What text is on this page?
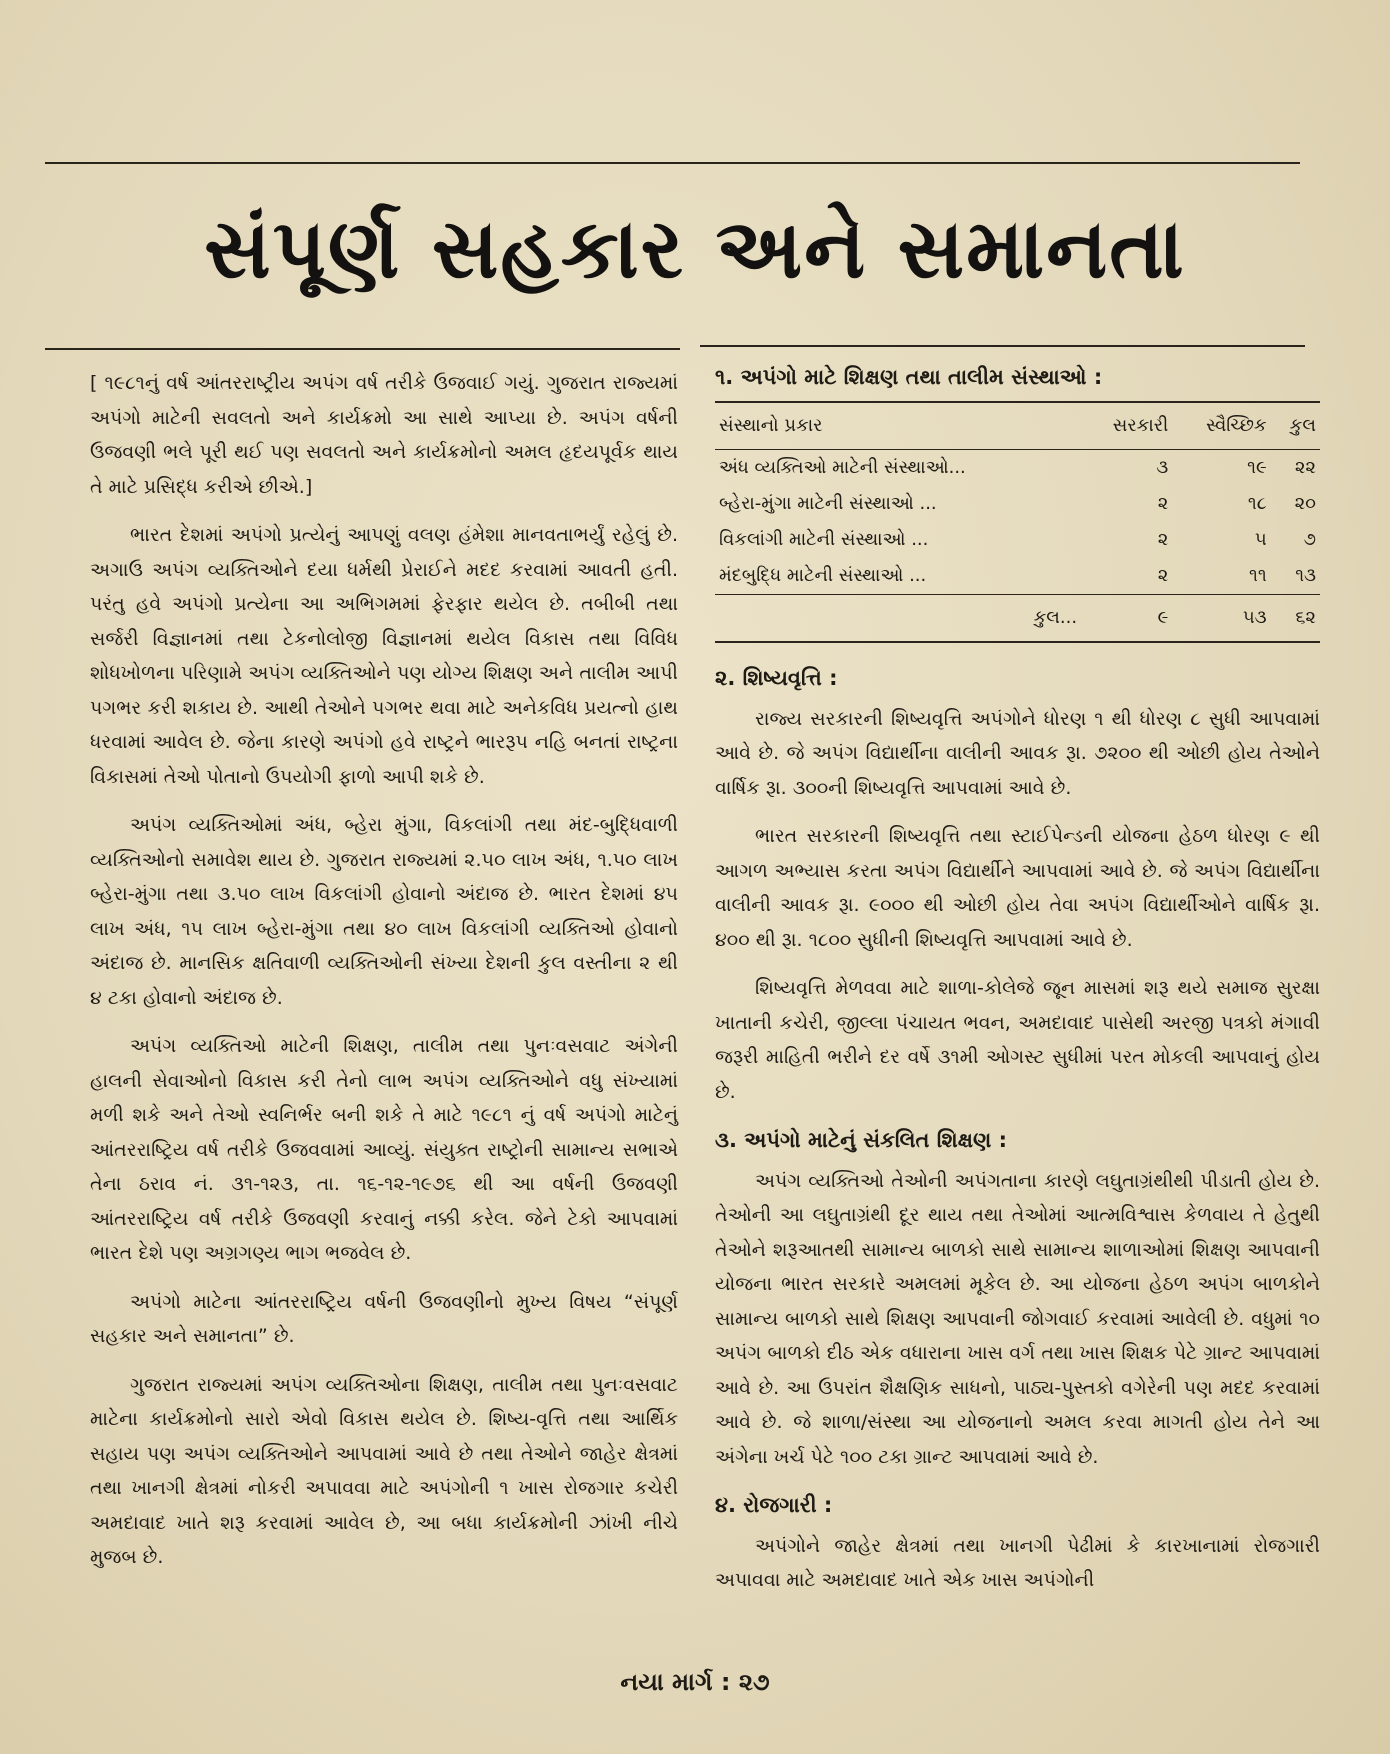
સંપૂર્ણ સહકાર અને સમાનતા

[ ૧૯૮૧નું વર્ષ આંતરરાષ્ટ્રીય અપંગ વર્ષ તરીકે ઉજવાઈ ગયું. ગુજરાત રાજ્યમાં અપંગો માટેની સવલતો અને કાર્યક્રમો આ સાથે આપ્યા છે. અપંગ વર્ષની ઉજવણી ભલે પૂરી થઈ પણ સવલતો અને કાર્યક્રમોનો અમલ હૃદયપૂર્વક થાય તે માટે પ્રસિદ્ધ કરીએ છીએ.]

ભારત દેશમાં અપંગો પ્રત્યેનું આપણું વલણ હંમેશા માનવતાભર્યું રહેલું છે. અગાઉ અપંગ વ્યક્તિઓને દયા ધર્મથી પ્રેરાઈને મદદ કરવામાં આવતી હતી. પરંતુ હવે અપંગો પ્રત્યેના આ અભિગમમાં ફેરફાર થયેલ છે. તબીબી તથા સર્જરી વિજ્ઞાનમાં તથા ટેકનોલોજી વિજ્ઞાનમાં થયેલ વિકાસ તથા વિવિધ શોધખોળના પરિણામે અપંગ વ્યક્તિઓને પણ યોગ્ય શિક્ષણ અને તાલીમ આપી પગભર કરી શકાય છે. આથી તેઓને પગભર થવા માટે અનેકવિધ પ્રયત્નો હાથ ધરવામાં આવેલ છે. જેના કારણે અપંગો હવે રાષ્ટ્રને ભારરૂપ નહિ બનતાં રાષ્ટ્રના વિકાસમાં તેઓ પોતાનો ઉપયોગી ફાળો આપી શકે છે.

અપંગ વ્યક્તિઓમાં અંધ, બ્હેરા મુંગા, વિકલાંગી તથા મંદ-બુદ્ધિવાળી વ્યક્તિઓનો સમાવેશ થાય છે. ગુજરાત રાજ્યમાં ૨.૫૦ લાખ અંધ, ૧.૫૦ લાખ બ્હેરા-મુંગા તથા ૩.૫૦ લાખ વિકલાંગી હોવાનો અંદાજ છે. ભારત દેશમાં ૪૫ લાખ અંધ, ૧૫ લાખ બ્હેરા-મુંગા તથા ૪૦ લાખ વિકલાંગી વ્યક્તિઓ હોવાનો અંદાજ છે. માનસિક ક્ષતિવાળી વ્યક્તિઓની સંખ્યા દેશની કુલ વસ્તીના ૨ થી ૪ ટકા હોવાનો અંદાજ છે.

અપંગ વ્યક્તિઓ માટેની શિક્ષણ, તાલીમ તથા પુનઃવસવાટ અંગેની હાલની સેવાઓનો વિકાસ કરી તેનો લાભ અપંગ વ્યક્તિઓને વધુ સંખ્યામાં મળી શકે અને તેઓ સ્વનિર્ભર બની શકે તે માટે ૧૯૮૧ નું વર્ષ અપંગો માટેનું આંતરરાષ્ટ્રિય વર્ષ તરીકે ઉજવવામાં આવ્યું. સંયુક્ત રાષ્ટ્રોની સામાન્ય સભાએ તેના ઠરાવ નં. ૩૧-૧૨૩, તા. ૧૬-૧૨-૧૯૭૬ થી આ વર્ષની ઉજવણી આંતરરાષ્ટ્રિય વર્ષ તરીકે ઉજવણી કરવાનું નક્કી કરેલ. જેને ટેકો આપવામાં ભારત દેશે પણ અગ્રગણ્ય ભાગ ભજવેલ છે.

અપંગો માટેના આંતરરાષ્ટ્રિય વર્ષની ઉજવણીનો મુખ્ય વિષય “સંપૂર્ણ સહકાર અને સમાનતા” છે.

ગુજરાત રાજ્યમાં અપંગ વ્યક્તિઓના શિક્ષણ, તાલીમ તથા પુનઃવસવાટ માટેના કાર્યક્રમોનો સારો એવો વિકાસ થયેલ છે. શિષ્ય-વૃત્તિ તથા આર્થિક સહાય પણ અપંગ વ્યક્તિઓને આપવામાં આવે છે તથા તેઓને જાહેર ક્ષેત્રમાં તથા ખાનગી ક્ષેત્રમાં નોકરી અપાવવા માટે અપંગોની ૧ ખાસ રોજગાર કચેરી અમદાવાદ ખાતે શરૂ કરવામાં આવેલ છે, આ બધા કાર્યક્રમોની ઝાંખી નીચે મુજબ છે.

૧. અપંગો માટે શિક્ષણ તથા તાલીમ સંસ્થાઓ :
સંસ્થાનો પ્રકાર	સરકારી	સ્વૈચ્છિક	કુલ
અંધ વ્યક્તિઓ માટેની સંસ્થાઓ...	૩	૧૯	૨૨
બ્હેરા-મુંગા માટેની સંસ્થાઓ ...	૨	૧૮	૨૦
વિકલાંગી માટેની સંસ્થાઓ ...	૨	૫	૭
મંદબુદ્ધિ માટેની સંસ્થાઓ ...	૨	૧૧	૧૩
કુલ...	૯	૫૩	૬૨
૨. શિષ્યવૃત્તિ :

રાજ્ય સરકારની શિષ્યવૃત્તિ અપંગોને ધોરણ ૧ થી ધોરણ ૮ સુધી આપવામાં આવે છે. જે અપંગ વિદ્યાર્થીના વાલીની આવક રૂા. ૭૨૦૦ થી ઓછી હોય તેઓને વાર્ષિક રૂા. ૩૦૦ની શિષ્યવૃત્તિ આપવામાં આવે છે.

ભારત સરકારની શિષ્યવૃત્તિ તથા સ્ટાઈપેન્ડની યોજના હેઠળ ધોરણ ૯ થી આગળ અભ્યાસ કરતા અપંગ વિદ્યાર્થીને આપવામાં આવે છે. જે અપંગ વિદ્યાર્થીના વાલીની આવક રૂા. ૯૦૦૦ થી ઓછી હોય તેવા અપંગ વિદ્યાર્થીઓને વાર્ષિક રૂા. ૪૦૦ થી રૂા. ૧૮૦૦ સુધીની શિષ્યવૃત્તિ આપવામાં આવે છે.

શિષ્યવૃત્તિ મેળવવા માટે શાળા-કોલેજે જૂન માસમાં શરૂ થયે સમાજ સુરક્ષા ખાતાની કચેરી, જીલ્લા પંચાયત ભવન, અમદાવાદ પાસેથી અરજી પત્રકો મંગાવી જરૂરી માહિતી ભરીને દર વર્ષે ૩૧મી ઓગસ્ટ સુધીમાં પરત મોકલી આપવાનું હોય છે.

૩. અપંગો માટેનું સંકલિત શિક્ષણ :

અપંગ વ્યક્તિઓ તેઓની અપંગતાના કારણે લઘુતાગ્રંથીથી પીડાતી હોય છે. તેઓની આ લઘુતાગ્રંથી દૂર થાય તથા તેઓમાં આત્મવિશ્વાસ કેળવાય તે હેતુથી તેઓને શરૂઆતથી સામાન્ય બાળકો સાથે સામાન્ય શાળાઓમાં શિક્ષણ આપવાની યોજના ભારત સરકારે અમલમાં મૂકેલ છે. આ યોજના હેઠળ અપંગ બાળકોને સામાન્ય બાળકો સાથે શિક્ષણ આપવાની જોગવાઈ કરવામાં આવેલી છે. વધુમાં ૧૦ અપંગ બાળકો દીઠ એક વધારાના ખાસ વર્ગ તથા ખાસ શિક્ષક પેટે ગ્રાન્ટ આપવામાં આવે છે. આ ઉપરાંત શૈક્ષણિક સાધનો, પાઠ્ય-પુસ્તકો વગેરેની પણ મદદ કરવામાં આવે છે. જે શાળા/સંસ્થા આ યોજનાનો અમલ કરવા માગતી હોય તેને આ અંગેના ખર્ચ પેટે ૧૦૦ ટકા ગ્રાન્ટ આપવામાં આવે છે.

૪. રોજગારી :

અપંગોને જાહેર ક્ષેત્રમાં તથા ખાનગી પેઢીમાં કે કારખાનામાં રોજગારી અપાવવા માટે અમદાવાદ ખાતે એક ખાસ અપંગોની

નયા માર્ગ : ૨૭
